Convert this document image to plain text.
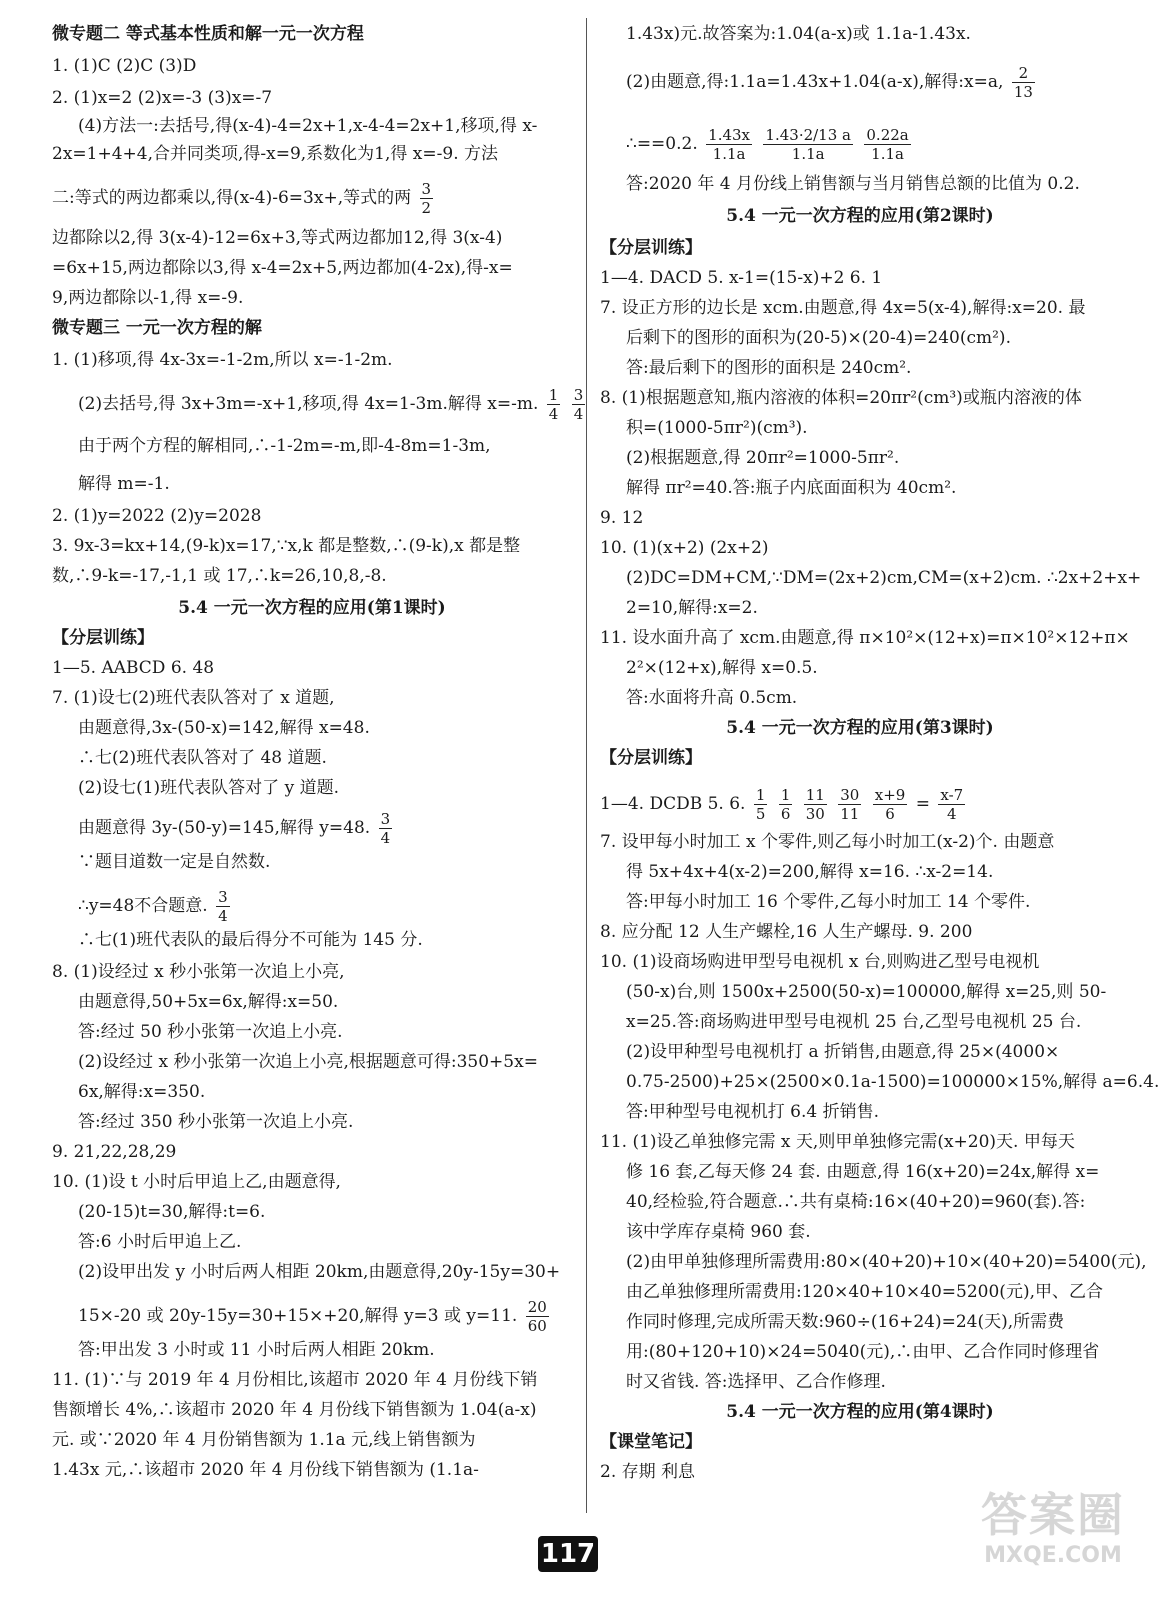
微专题二 等式基本性质和解一元一次方程
1. (1)C (2)C (3)D
2. (1)x=2 (2)x=-3 (3)x=-7
(4)方法一:去括号,得(x-4)-4=2x+1,x-4-4=2x+1,移项,得 x-
2x=1+4+4,合并同类项,得-x=9,系数化为1,得 x=-9. 方法
二:等式的两边都乘以,得(x-4)-6=3x+,等式的两 $\frac{3}{2}$
边都除以2,得 3(x-4)-12=6x+3,等式两边都加12,得 3(x-4)
=6x+15,两边都除以3,得 x-4=2x+5,两边都加(4-2x),得-x=
9,两边都除以-1,得 x=-9.
微专题三 一元一次方程的解
1. (1)移项,得 4x-3x=-1-2m,所以 x=-1-2m.
(2)去括号,得 3x+3m=-x+1,移项,得 4x=1-3m.解得 x=-m. $\frac{1}{4}$
$\frac{3}{4}$
由于两个方程的解相同,∴-1-2m=-m,即-4-8m=1-3m,
解得 m=-1.
2. (1)y=2022 (2)y=2028
3. 9x-3=kx+14,(9-k)x=17,∵x,k 都是整数,∴(9-k),x 都是整
数,∴9-k=-17,-1,1 或 17,∴k=26,10,8,-8.
5.4 一元一次方程的应用(第1课时)
【分层训练】
1—5. AABCD 6. 48
7. (1)设七(2)班代表队答对了 x 道题,
由题意得,3x-(50-x)=142,解得 x=48.
∴七(2)班代表队答对了 48 道题.
(2)设七(1)班代表队答对了 y 道题.
由题意得 3y-(50-y)=145,解得 y=48. $\frac{3}{4}$
∵题目道数一定是自然数.
∴y=48不合题意. $\frac{3}{4}$
∴七(1)班代表队的最后得分不可能为 145 分.
8. (1)设经过 x 秒小张第一次追上小亮,
由题意得,50+5x=6x,解得:x=50.
答:经过 50 秒小张第一次追上小亮.
(2)设经过 x 秒小张第一次追上小亮,根据题意可得:350+5x=
6x,解得:x=350.
答:经过 350 秒小张第一次追上小亮.
9. 21,22,28,29
10. (1)设 t 小时后甲追上乙,由题意得,
(20-15)t=30,解得:t=6.
答:6 小时后甲追上乙.
(2)设甲出发 y 小时后两人相距 20km,由题意得,20y-15y=30+
15×-20 或 20y-15y=30+15×+20,解得 y=3 或 y=11. $\frac{20}{60}$
答:甲出发 3 小时或 11 小时后两人相距 20km.
11. (1)∵与 2019 年 4 月份相比,该超市 2020 年 4 月份线下销
售额增长 4%,∴该超市 2020 年 4 月份线下销售额为 1.04(a-x)
元. 或∵2020 年 4 月份销售额为 1.1a 元,线上销售额为
1.43x 元,∴该超市 2020 年 4 月份线下销售额为 (1.1a-
1.43x)元.故答案为:1.04(a-x)或 1.1a-1.43x.
(2)由题意,得:1.1a=1.43x+1.04(a-x),解得:x=a, $\frac{2}{13}$
∴==0.2. $\frac{1.43x}{1.1a}$
$\frac{1.43\cdot 2/13 a}{1.1a}$
$\frac{0.22a}{1.1a}$
答:2020 年 4 月份线上销售额与当月销售总额的比值为 0.2.
5.4 一元一次方程的应用(第2课时)
【分层训练】
1—4. DACD 5. x-1=(15-x)+2 6. 1
7. 设正方形的边长是 xcm.由题意,得 4x=5(x-4),解得:x=20. 最
后剩下的图形的面积为(20-5)×(20-4)=240(cm²).
答:最后剩下的图形的面积是 240cm².
8. (1)根据题意知,瓶内溶液的体积=20πr²(cm³)或瓶内溶液的体
积=(1000-5πr²)(cm³).
(2)根据题意,得 20πr²=1000-5πr².
解得 πr²=40.答:瓶子内底面面积为 40cm².
9. 12
10. (1)(x+2) (2x+2)
(2)DC=DM+CM,∵DM=(2x+2)cm,CM=(x+2)cm. ∴2x+2+x+
2=10,解得:x=2.
11. 设水面升高了 xcm.由题意,得 π×10²×(12+x)=π×10²×12+π×
2²×(12+x),解得 x=0.5.
答:水面将升高 0.5cm.
5.4 一元一次方程的应用(第3课时)
【分层训练】
1—4. DCDB 5. 6. $\frac{1}{5}$
$\frac{1}{6}$
$\frac{11}{30}$
$\frac{30}{11}$
$\frac{x+9}{6} = \frac{x-7}{4}$
7. 设甲每小时加工 x 个零件,则乙每小时加工(x-2)个. 由题意
得 5x+4x+4(x-2)=200,解得 x=16. ∴x-2=14.
答:甲每小时加工 16 个零件,乙每小时加工 14 个零件.
8. 应分配 12 人生产螺栓,16 人生产螺母. 9. 200
10. (1)设商场购进甲型号电视机 x 台,则购进乙型号电视机
(50-x)台,则 1500x+2500(50-x)=100000,解得 x=25,则 50-
x=25.答:商场购进甲型号电视机 25 台,乙型号电视机 25 台.
(2)设甲种型号电视机打 a 折销售,由题意,得 25×(4000×
0.75-2500)+25×(2500×0.1a-1500)=100000×15%,解得 a=6.4.
答:甲种型号电视机打 6.4 折销售.
11. (1)设乙单独修完需 x 天,则甲单独修完需(x+20)天. 甲每天
修 16 套,乙每天修 24 套. 由题意,得 16(x+20)=24x,解得 x=
40,经检验,符合题意.∴共有桌椅:16×(40+20)=960(套).答:
该中学库存桌椅 960 套.
(2)由甲单独修理所需费用:80×(40+20)+10×(40+20)=5400(元),
由乙单独修理所需费用:120×40+10×40=5200(元),甲、乙合
作同时修理,完成所需天数:960÷(16+24)=24(天),所需费
用:(80+120+10)×24=5040(元),∴由甲、乙合作同时修理省
时又省钱. 答:选择甲、乙合作修理.
5.4 一元一次方程的应用(第4课时)
【课堂笔记】
2. 存期 利息
117
答案圈
MXQE.COM
